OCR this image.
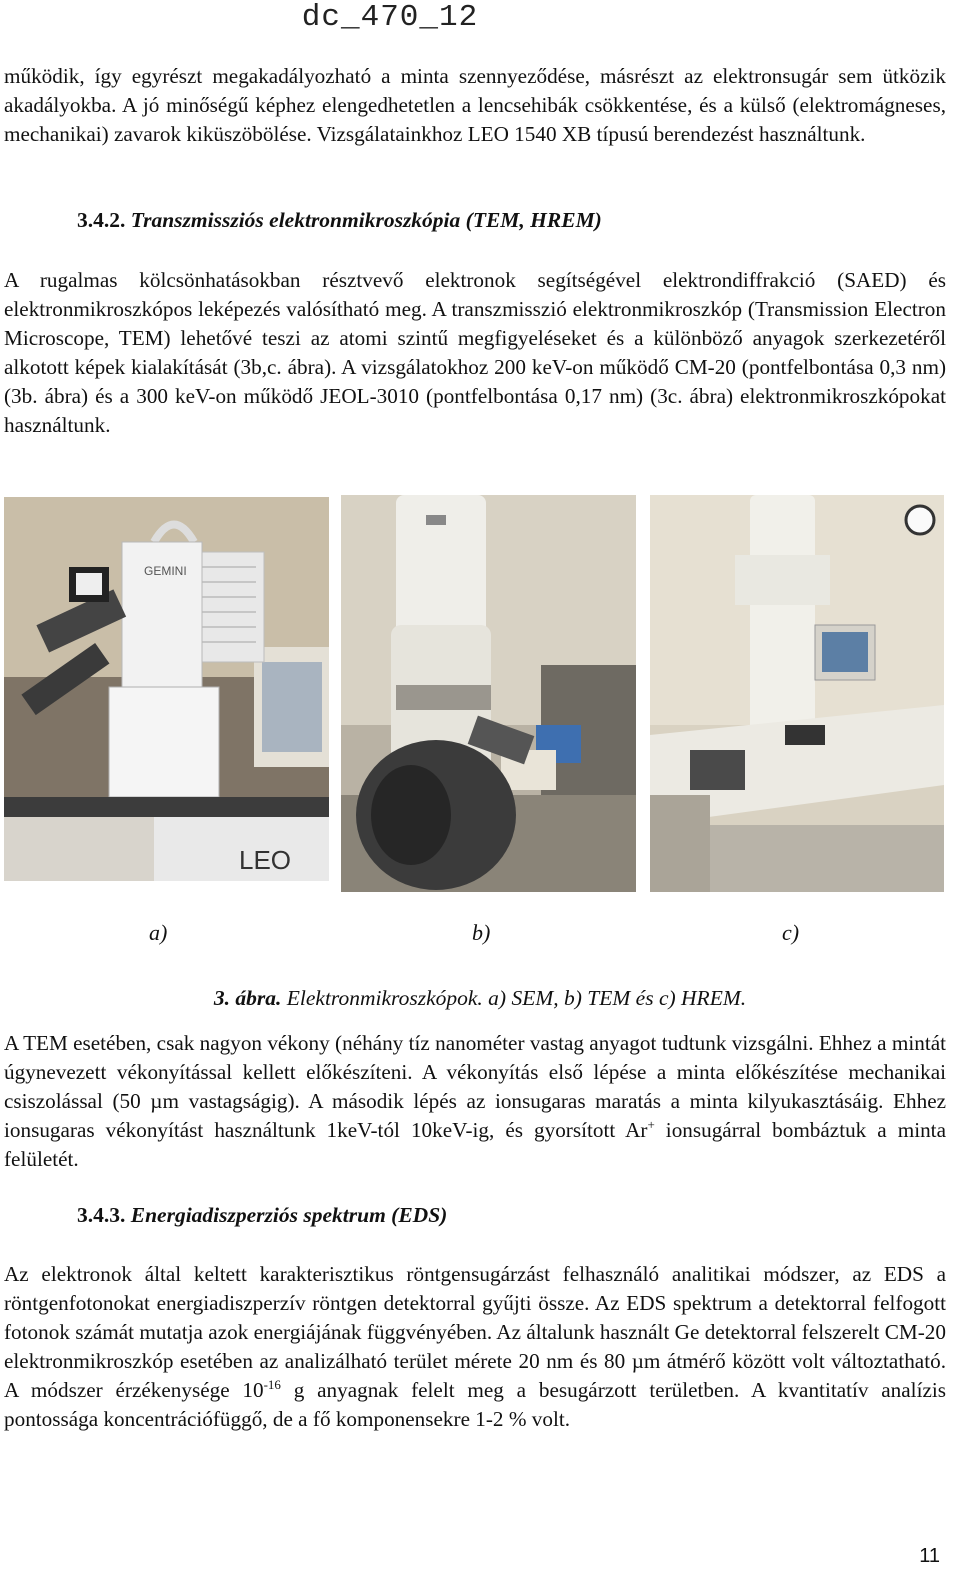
dc_470_12

működik, így egyrészt megakadályozható a minta szennyeződése, másrészt az elektronsugár sem ütközik akadályokba. A jó minőségű képhez elengedhetetlen a lencsehibák csökkentése, és a külső (elektromágneses, mechanikai) zavarok kiküszöbölése. Vizsgálatainkhoz LEO 1540 XB típusú berendezést használtunk.

3.4.2. Transzmissziós elektronmikroszkópia (TEM, HREM)

A rugalmas kölcsönhatásokban résztvevő elektronok segítségével elektrondiffrakció (SAED) és elektronmikroszkópos leképezés valósítható meg. A transzmisszió elektronmikroszkóp (Transmission Electron Microscope, TEM) lehetővé teszi az atomi szintű megfigyeléseket és a különböző anyagok szerkezetéről alkotott képek kialakítását (3b,c. ábra). A vizsgálatokhoz 200 keV-on működő CM-20 (pontfelbontása 0,3 nm) (3b. ábra) és a 300 keV-on működő JEOL-3010 (pontfelbontása 0,17 nm) (3c. ábra) elektronmikroszkópokat használtunk.

GEMINI
LEO
a)	b)	c)
3. ábra. Elektronmikroszkópok. a) SEM, b) TEM és c) HREM.

A TEM esetében, csak nagyon vékony (néhány tíz nanométer vastag anyagot tudtunk vizsgálni. Ehhez a mintát úgynevezett vékonyítással kellett előkészíteni. A vékonyítás első lépése a minta előkészítése mechanikai csiszolással (50 µm vastagságig). A második lépés az ionsugaras maratás a minta kilyukasztásáig. Ehhez ionsugaras vékonyítást használtunk 1keV-tól 10keV-ig, és gyorsított Ar+ ionsugárral bombáztuk a minta felületét.

3.4.3. Energiadiszperziós spektrum (EDS)

Az elektronok által keltett karakterisztikus röntgensugárzást felhasználó analitikai módszer, az EDS a röntgenfotonokat energiadiszperzív röntgen detektorral gyűjti össze. Az EDS spektrum a detektorral felfogott fotonok számát mutatja azok energiájának függvényében. Az általunk használt Ge detektorral felszerelt CM-20 elektronmikroszkóp esetében az analizálható terület mérete 20 nm és 80 µm átmérő között volt változtatható. A módszer érzékenysége $10^{-16}$ g anyagnak felelt meg a besugárzott területben. A kvantitatív analízis pontossága koncentrációfüggő, de a fő komponensekre 1-2 % volt.

11
